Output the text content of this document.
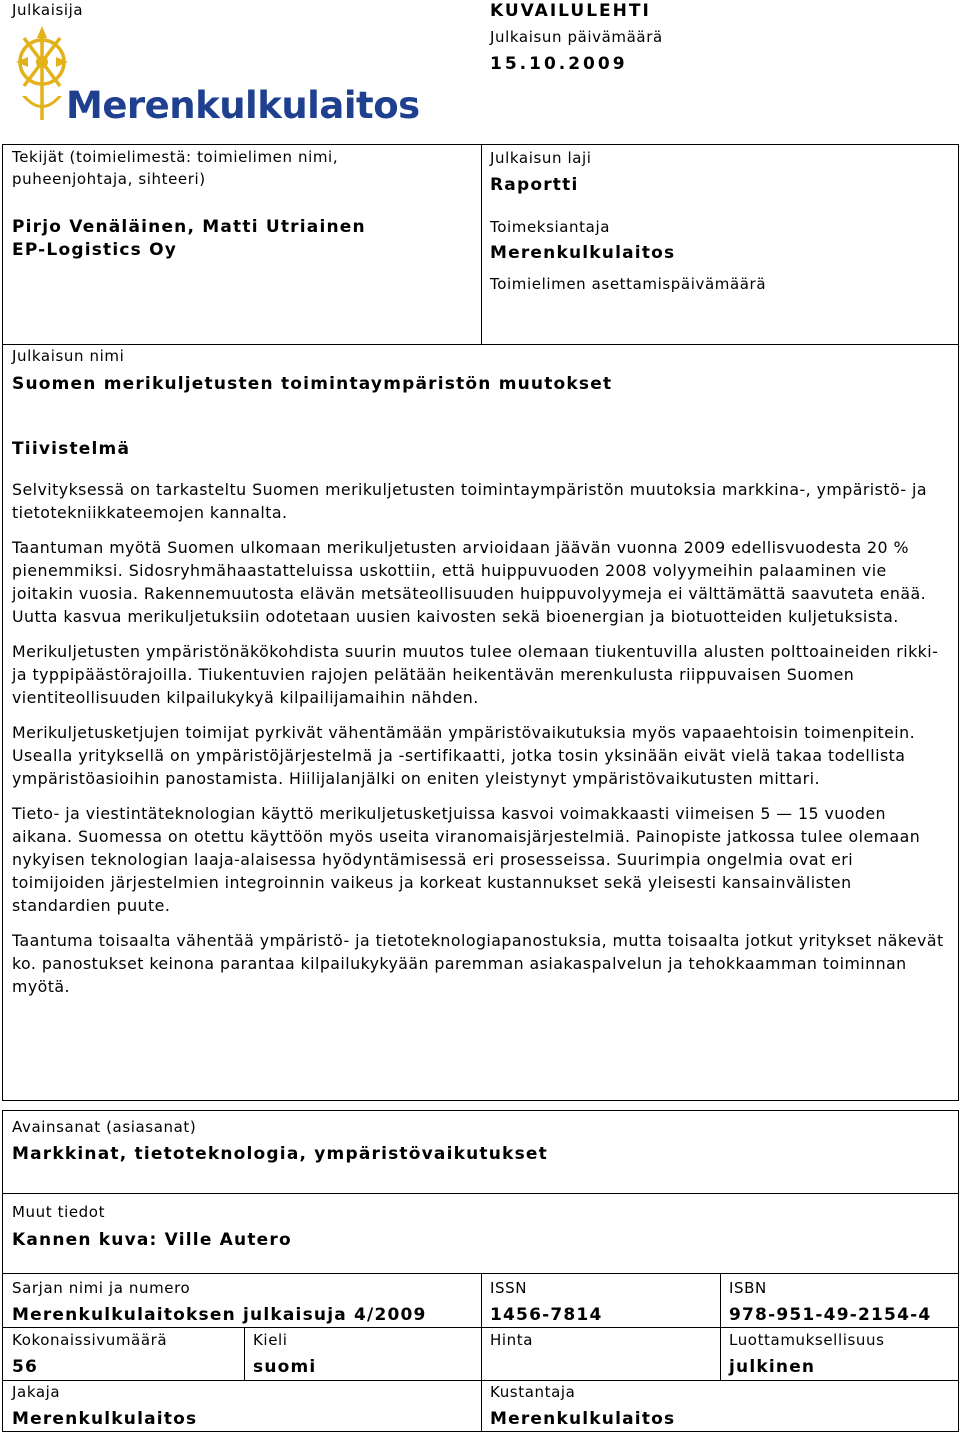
Julkaisija
Merenkulkulaitos
KUVAILULEHTI
Julkaisun päivämäärä
15.10.2009
Tekijät (toimielimestä: toimielimen nimi,
puheenjohtaja, sihteeri)
Pirjo Venäläinen, Matti Utriainen
EP-Logistics Oy
Julkaisun laji
Raportti
Toimeksiantaja
Merenkulkulaitos
Toimielimen asettamispäivämäärä
Julkaisun nimi
Suomen merikuljetusten toimintaympäristön muutokset
Tiivistelmä

Selvityksessä on tarkasteltu Suomen merikuljetusten toimintaympäristön muutoksia markkina-, ympäristö- ja tietotekniikkateemojen kannalta.

Taantuman myötä Suomen ulkomaan merikuljetusten arvioidaan jäävän vuonna 2009 edellisvuodesta 20 % pienemmiksi. Sidosryhmähaastatteluissa uskottiin, että huippuvuoden 2008 volyymeihin palaaminen vie joitakin vuosia. Rakennemuutosta elävän metsäteollisuuden huippuvolyymeja ei välttämättä saavuteta enää. Uutta kasvua merikuljetuksiin odotetaan uusien kaivosten sekä bioenergian ja biotuotteiden kuljetuksista.

Merikuljetusten ympäristönäkökohdista suurin muutos tulee olemaan tiukentuvilla alusten polttoaineiden rikki- ja typpipäästörajoilla. Tiukentuvien rajojen pelätään heikentävän merenkulusta riippuvaisen Suomen vientiteollisuuden kilpailukykyä kilpailijamaihin nähden.

Merikuljetusketjujen toimijat pyrkivät vähentämään ympäristövaikutuksia myös vapaaehtoisin toimenpitein. Usealla yrityksellä on ympäristöjärjestelmä ja -sertifikaatti, jotka tosin yksinään eivät vielä takaa todellista ympäristöasioihin panostamista. Hiilijalanjälki on eniten yleistynyt ympäristövaikutusten mittari.

Tieto- ja viestintäteknologian käyttö merikuljetusketjuissa kasvoi voimakkaasti viimeisen 5 — 15 vuoden aikana. Suomessa on otettu käyttöön myös useita viranomaisjärjestelmiä. Painopiste jatkossa tulee olemaan nykyisen teknologian laaja-alaisessa hyödyntämisessä eri prosesseissa. Suurimpia ongelmia ovat eri toimijoiden järjestelmien integroinnin vaikeus ja korkeat kustannukset sekä yleisesti kansainvälisten standardien puute.

Taantuma toisaalta vähentää ympäristö- ja tietoteknologiapanostuksia, mutta toisaalta jotkut yritykset näkevät ko. panostukset keinona parantaa kilpailukykyään paremman asiakaspalvelun ja tehokkaamman toiminnan myötä.

Avainsanat (asiasanat)
Markkinat, tietoteknologia, ympäristövaikutukset
Muut tiedot
Kannen kuva: Ville Autero
Sarjan nimi ja numero
Merenkulkulaitoksen julkaisuja 4/2009
ISSN
1456-7814
ISBN
978-951-49-2154-4
Kokonaissivumäärä
56
Kieli
suomi
Hinta	Luottamuksellisuus
julkinen
Jakaja
Merenkulkulaitos
Kustantaja
Merenkulkulaitos
